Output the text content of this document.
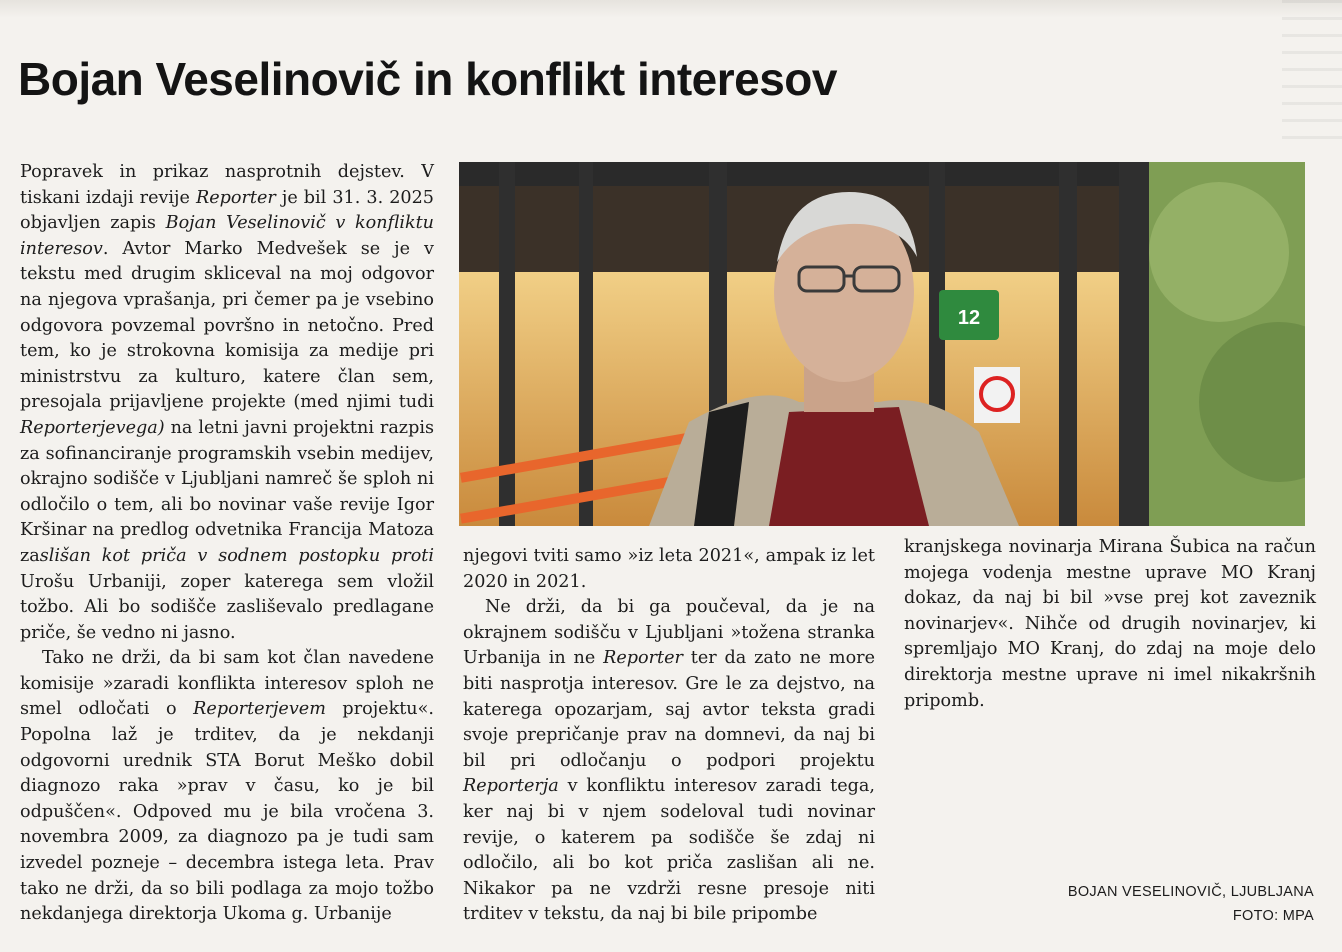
Bojan Veselinovič in konflikt interesov

Popravek in prikaz nasprotnih dejstev. V tiskani izdaji revije Reporter je bil 31. 3. 2025 objavljen zapis Bojan Veselinovič v konfliktu interesov. Avtor Marko Medvešek se je v tekstu med drugim skliceval na moj odgovor na njegova vprašanja, pri čemer pa je vsebino odgovora povzemal površno in netočno. Pred tem, ko je strokovna komisija za medije pri ministrstvu za kulturo, katere član sem, presojala prijavljene projekte (med njimi tudi Reporterjevega) na letni javni projektni razpis za sofinanciranje programskih vsebin medijev, okrajno sodišče v Ljubljani namreč še sploh ni odločilo o tem, ali bo novinar vaše revije Igor Kršinar na predlog odvetnika Francija Matoza zaslišan kot priča v sodnem postopku proti Urošu Urbaniji, zoper katerega sem vložil tožbo. Ali bo sodišče zasliševalo predlagane priče, še vedno ni jasno.

Tako ne drži, da bi sam kot član navedene komisije »zaradi konflikta interesov sploh ne smel odločati o Reporterjevem projektu«. Popolna laž je trditev, da je nekdanji odgovorni urednik STA Borut Meško dobil diagnozo raka »prav v času, ko je bil odpuščen«. Odpoved mu je bila vročena 3. novembra 2009, za diagnozo pa je tudi sam izvedel pozneje – decembra istega leta. Prav tako ne drži, da so bili podlaga za mojo tožbo nekdanjega direktorja Ukoma g. Urbanije

12

njegovi tviti samo »iz leta 2021«, ampak iz let 2020 in 2021.

Ne drži, da bi ga poučeval, da je na okrajnem sodišču v Ljubljani »tožena stranka Urbanija in ne Reporter ter da zato ne more biti nasprotja interesov. Gre le za dejstvo, na katerega opozarjam, saj avtor teksta gradi svoje prepričanje prav na domnevi, da naj bi bil pri odločanju o podpori projektu Reporterja v konfliktu interesov zaradi tega, ker naj bi v njem sodeloval tudi novinar revije, o katerem pa sodišče še zdaj ni odločilo, ali bo kot priča zaslišan ali ne. Nikakor pa ne vzdrži resne presoje niti trditev v tekstu, da naj bi bile pripombe

kranjskega novinarja Mirana Šubica na račun mojega vodenja mestne uprave MO Kranj dokaz, da naj bi bil »vse prej kot zaveznik novinarjev«. Nihče od drugih novinarjev, ki spremljajo MO Kranj, do zdaj na moje delo direktorja mestne uprave ni imel nikakršnih pripomb.

BOJAN VESELINOVIČ, LJUBLJANA
FOTO: MPA
